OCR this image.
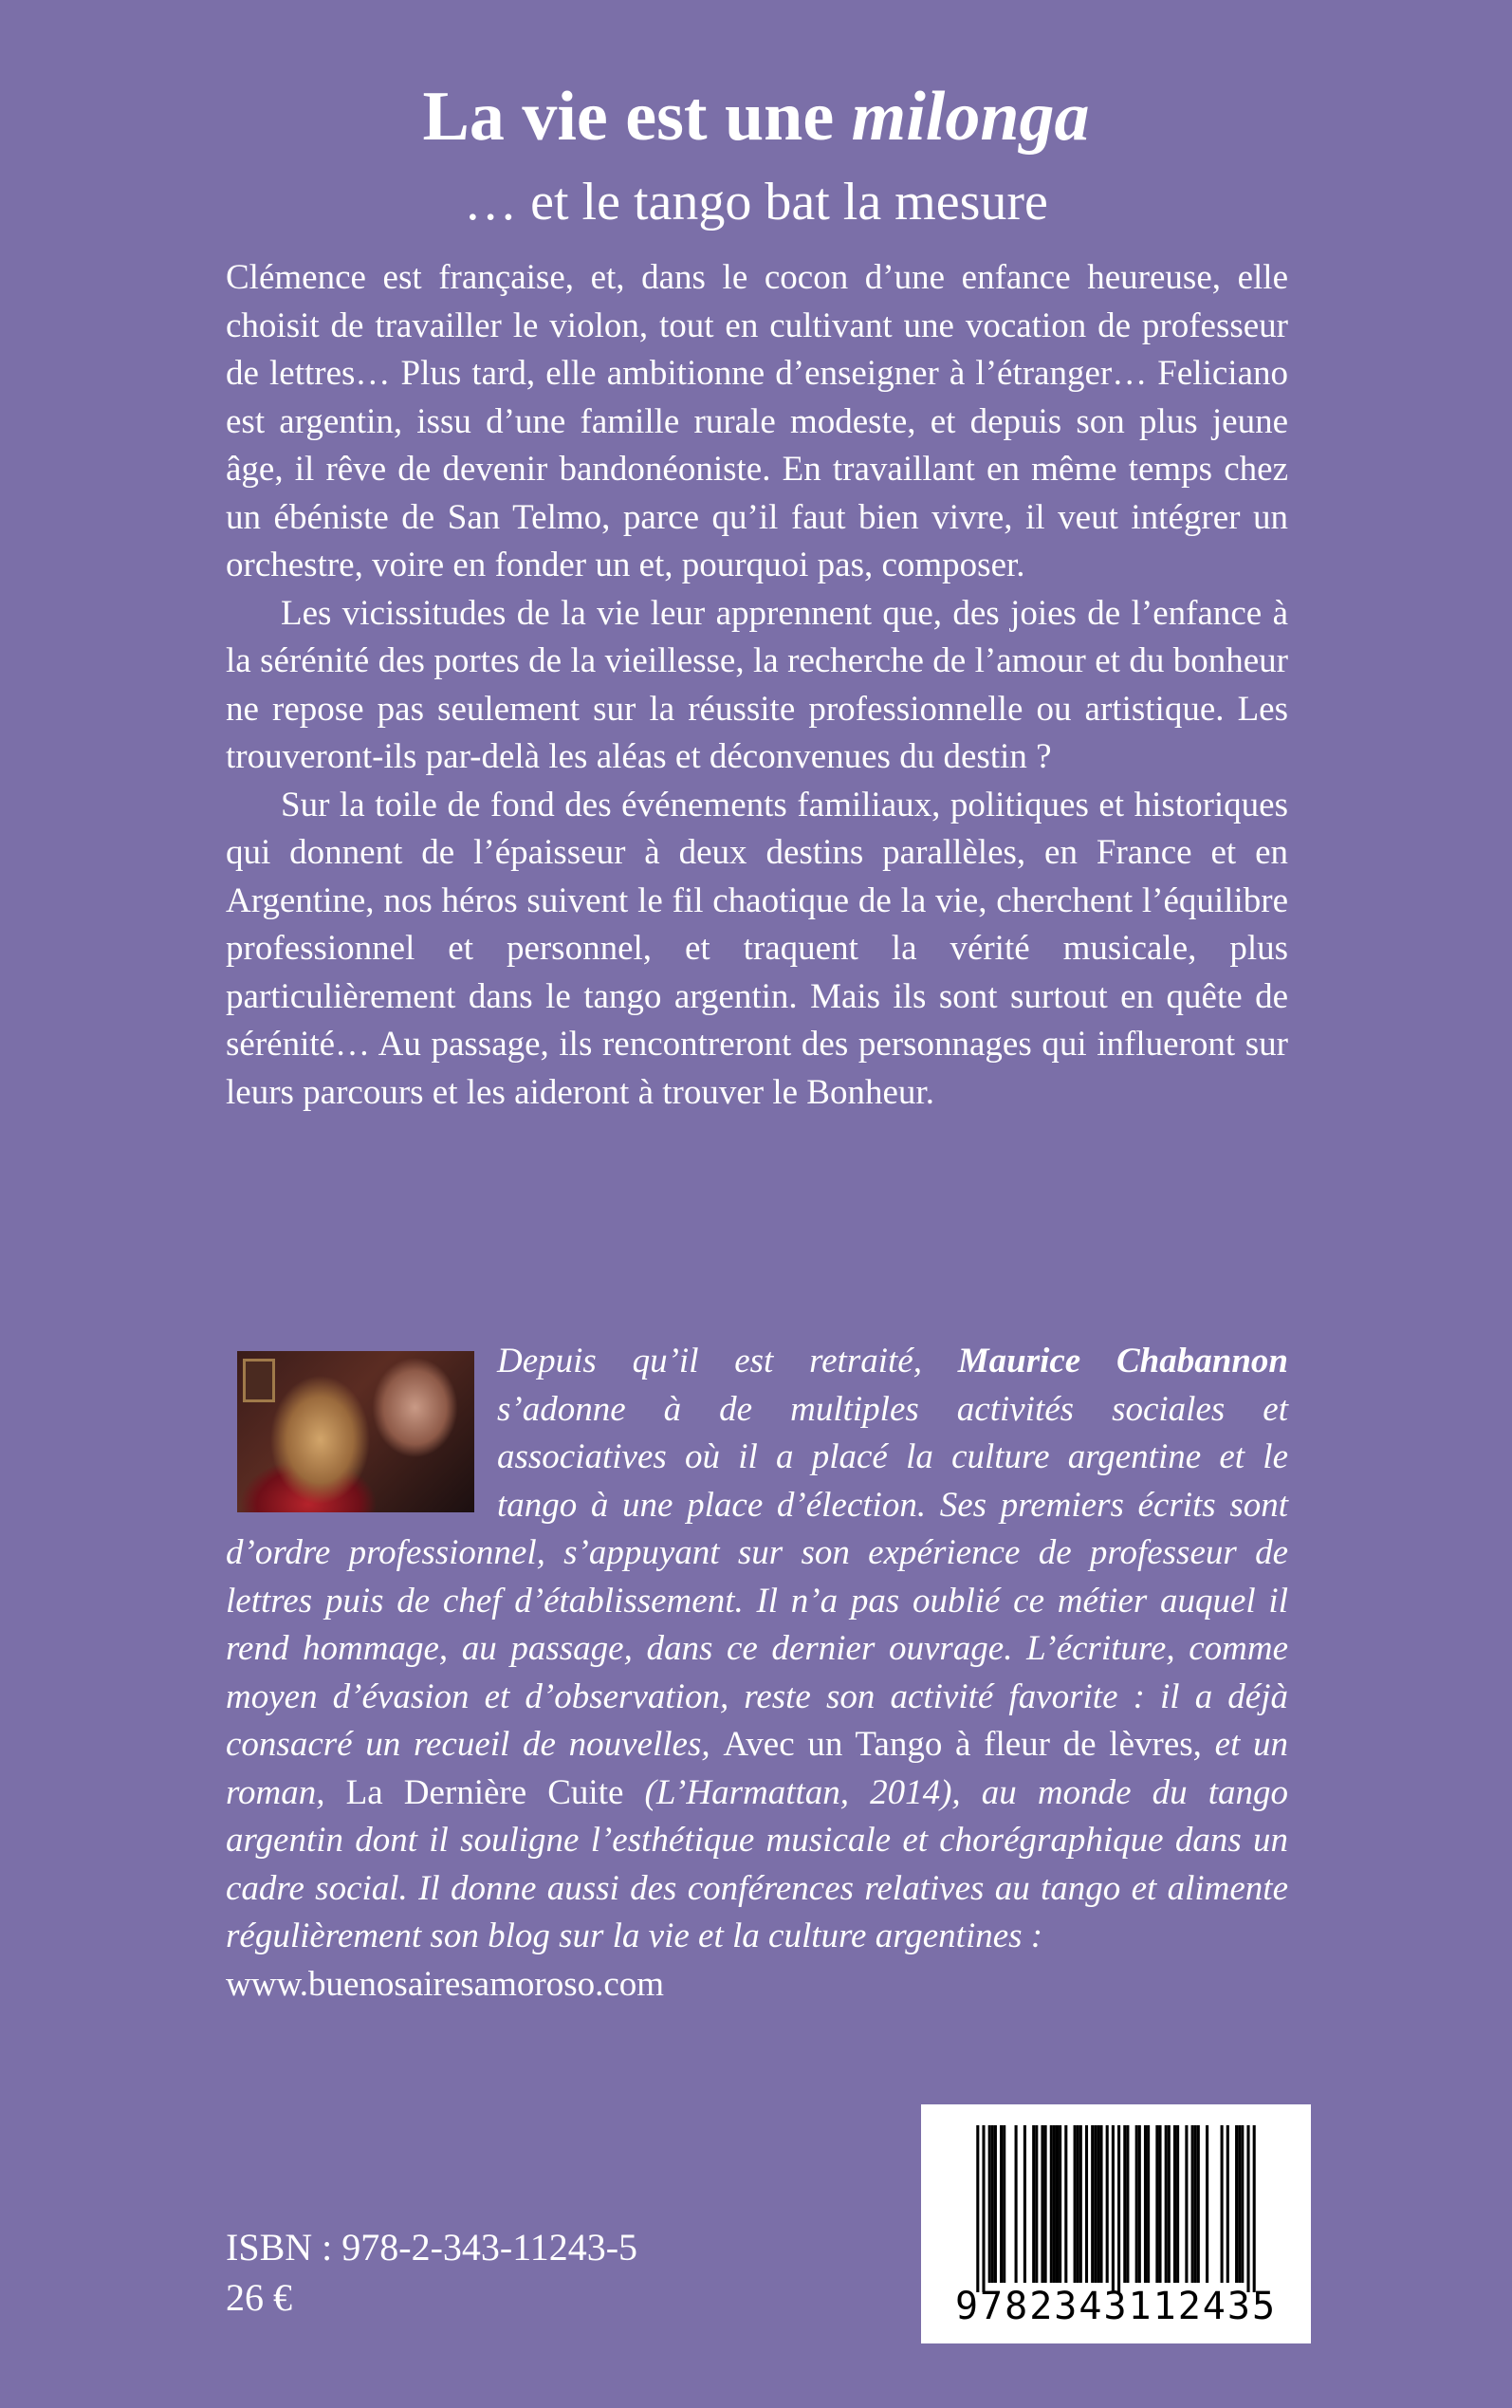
La vie est une milonga
… et le tango bat la mesure

Clémence est française, et, dans le cocon d’une enfance heureuse, elle choisit de travailler le violon, tout en cultivant une vocation de professeur de lettres… Plus tard, elle ambitionne d’enseigner à l’étranger… Feliciano est argentin, issu d’une famille rurale modeste, et depuis son plus jeune âge, il rêve de devenir bandonéoniste. En travaillant en même temps chez un ébéniste de San Telmo, parce qu’il faut bien vivre, il veut intégrer un orchestre, voire en fonder un et, pourquoi pas, composer.

Les vicissitudes de la vie leur apprennent que, des joies de l’enfance à la sérénité des portes de la vieillesse, la recherche de l’amour et du bonheur ne repose pas seulement sur la réussite professionnelle ou artistique. Les trouveront-ils par-delà les aléas et déconvenues du destin ?

Sur la toile de fond des événements familiaux, politiques et historiques qui donnent de l’épaisseur à deux destins parallèles, en France et en Argentine, nos héros suivent le fil chaotique de la vie, cherchent l’équilibre professionnel et personnel, et traquent la vérité musicale, plus particulièrement dans le tango argentin. Mais ils sont surtout en quête de sérénité… Au passage, ils rencontreront des personnages qui influeront sur leurs parcours et les aideront à trouver le Bonheur.

Depuis qu’il est retraité, Maurice Chabannon s’adonne à de multiples activités sociales et associatives où il a placé la culture argentine et le tango à une place d’élection. Ses premiers écrits sont d’ordre professionnel, s’appuyant sur son expérience de professeur de lettres puis de chef d’établissement. Il n’a pas oublié ce métier auquel il rend hommage, au passage, dans ce dernier ouvrage. L’écriture, comme moyen d’évasion et d’observation, reste son activité favorite : il a déjà consacré un recueil de nouvelles, Avec un Tango à fleur de lèvres, et un roman, La Dernière Cuite (L’Harmattan, 2014), au monde du tango argentin dont il souligne l’esthétique musicale et chorégraphique dans un cadre social. Il donne aussi des conférences relatives au tango et alimente régulièrement son blog sur la vie et la culture argentines :
www.buenosairesamoroso.com
ISBN : 978-2-343-11243-5
26 €	9782343112435
